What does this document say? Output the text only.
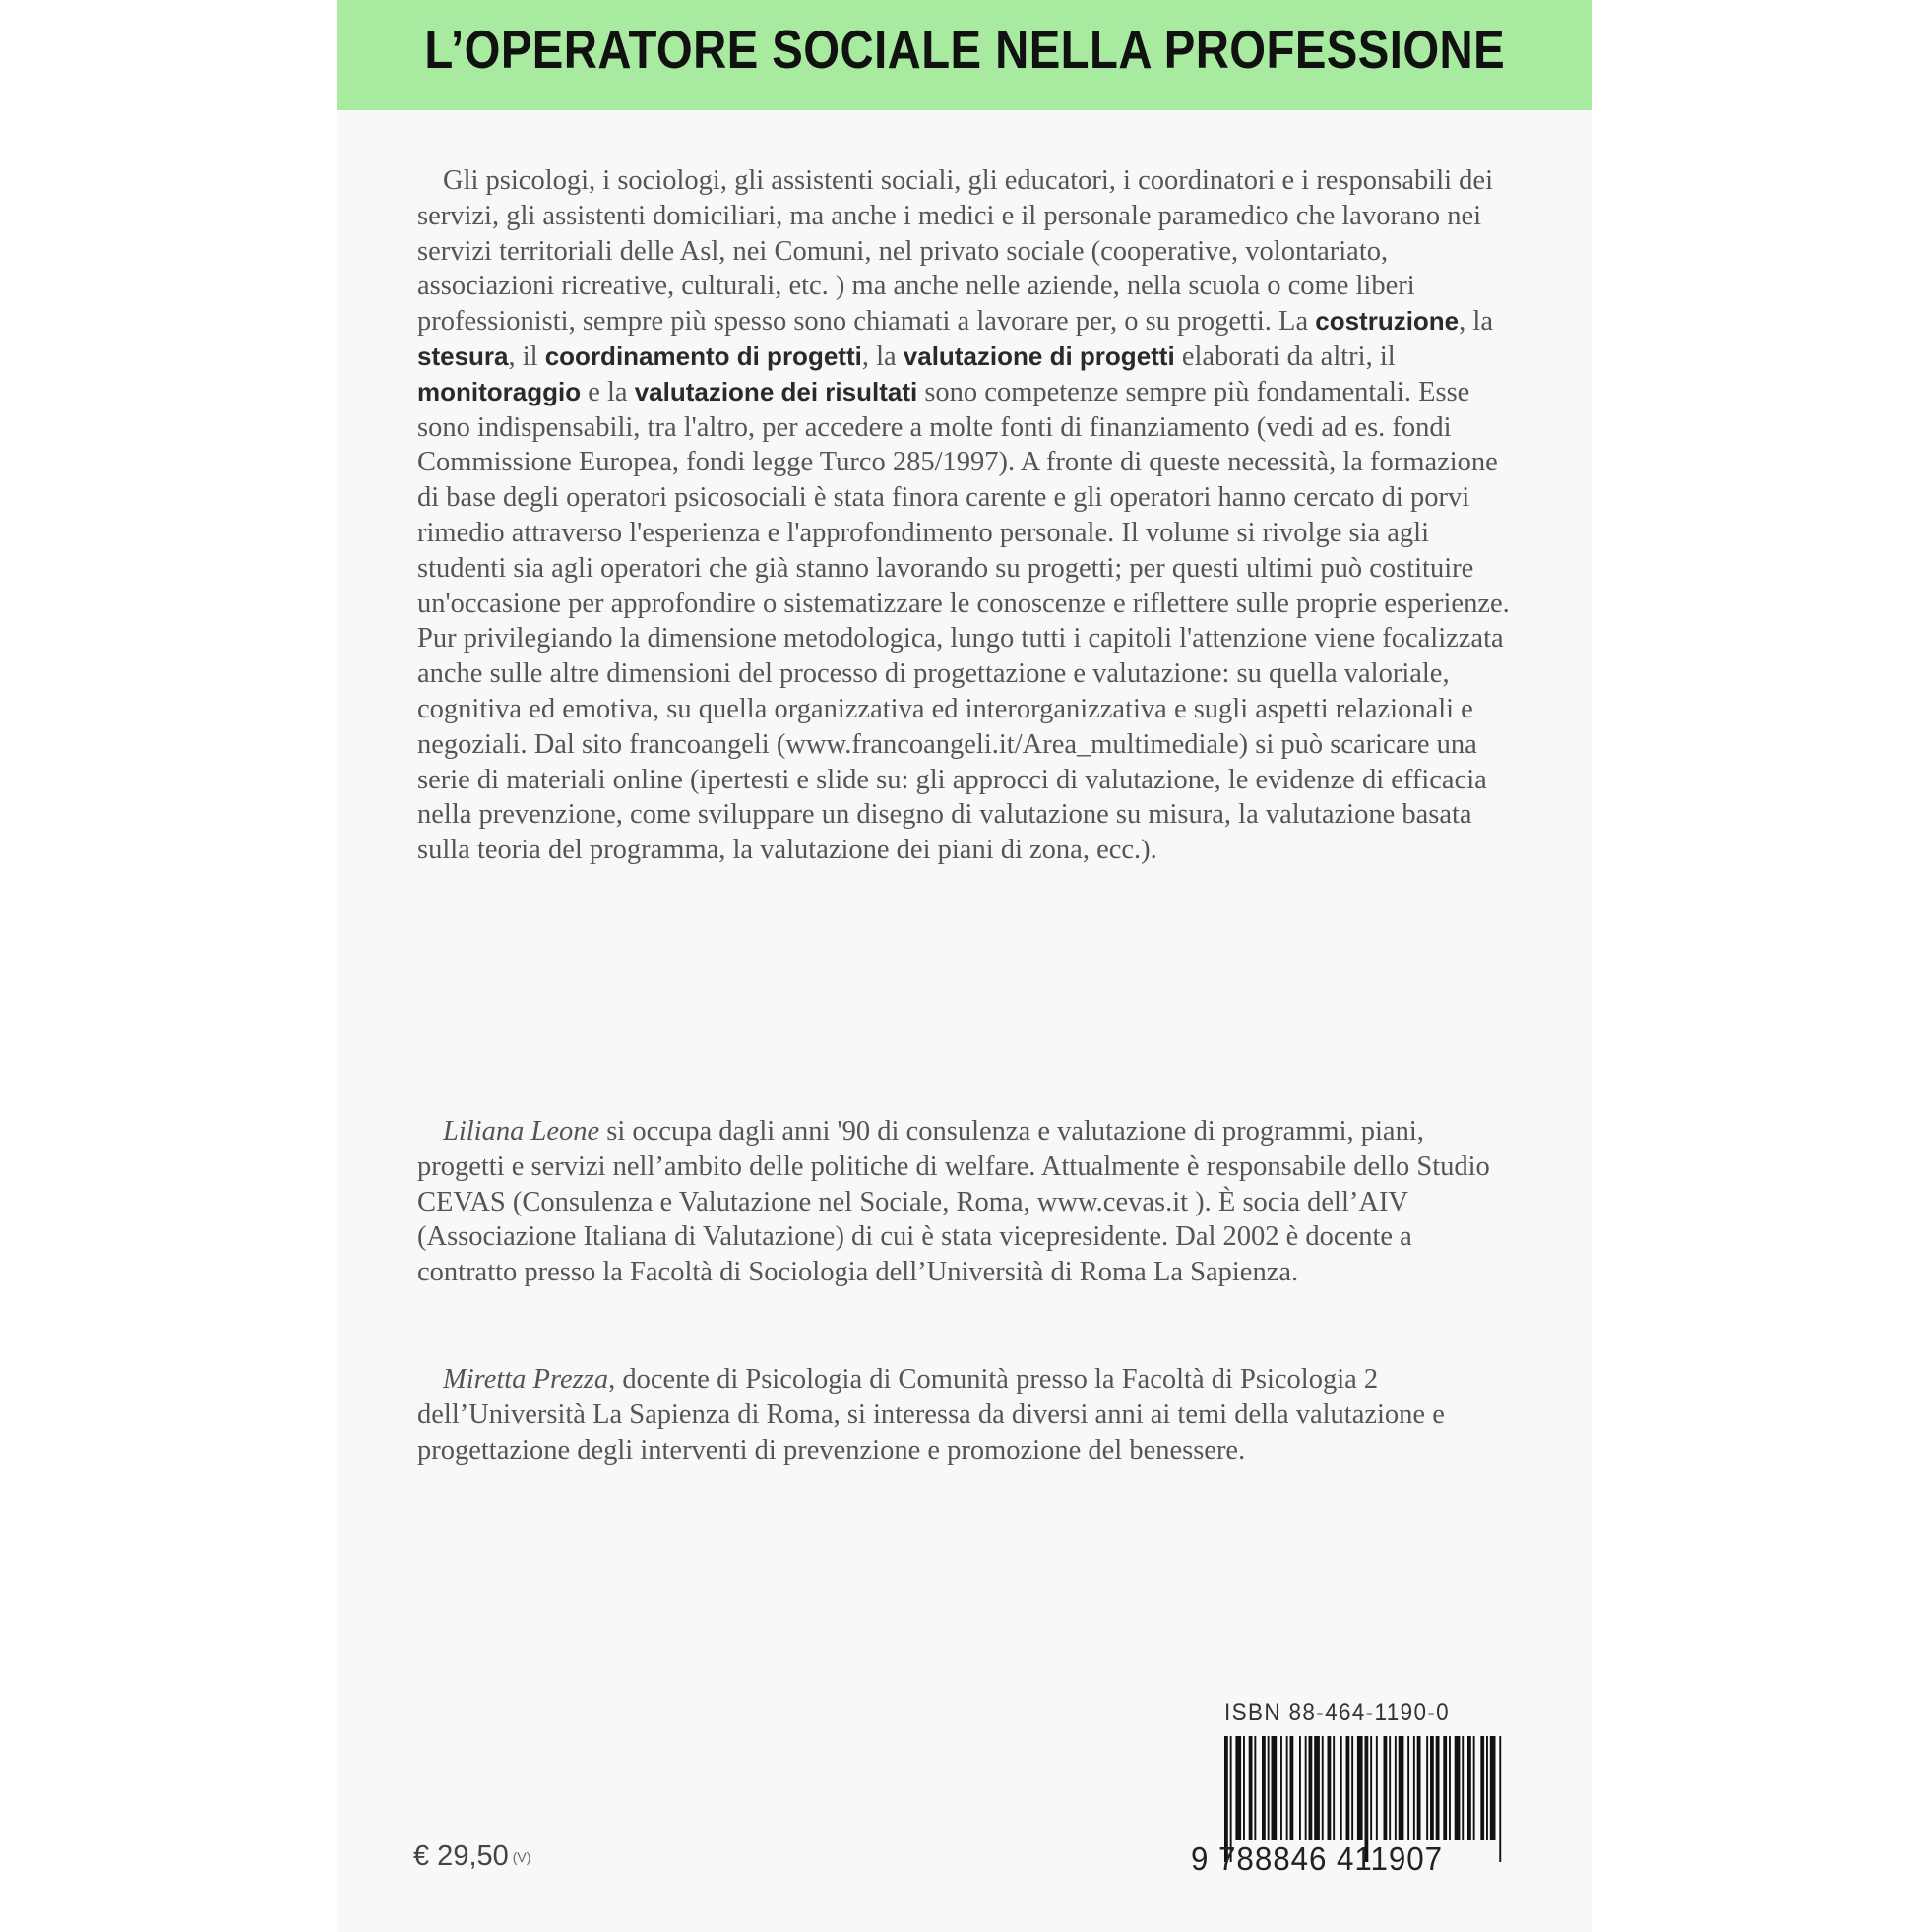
L’OPERATORE SOCIALE NELLA PROFESSIONE

Gli psicologi, i sociologi, gli assistenti sociali, gli educatori, i coordinatori e i responsabili dei servizi, gli assistenti domiciliari, ma anche i medici e il personale paramedico che lavorano nei servizi territoriali delle Asl, nei Comuni, nel privato sociale (cooperative, volontariato, associazioni ricreative, culturali, etc. ) ma anche nelle aziende, nella scuola o come liberi professionisti, sempre più spesso sono chiamati a lavorare per, o su progetti. La costruzione, la stesura, il coordinamento di progetti, la valutazione di progetti elaborati da altri, il monitoraggio e la valutazione dei risultati sono competenze sempre più fondamentali. Esse sono indispensabili, tra l'altro, per accedere a molte fonti di finanziamento (vedi ad es. fondi Commissione Europea, fondi legge Turco 285/1997). A fronte di queste necessità, la formazione di base degli operatori psicosociali è stata finora carente e gli operatori hanno cercato di porvi rimedio attraverso l'esperienza e l'approfondimento personale. Il volume si rivolge sia agli studenti sia agli operatori che già stanno lavorando su progetti; per questi ultimi può costituire un'occasione per approfondire o sistematizzare le conoscenze e riflettere sulle proprie esperienze. Pur privilegiando la dimensione metodologica, lungo tutti i capitoli l'attenzione viene focalizzata anche sulle altre dimensioni del processo di progettazione e valutazione: su quella valoriale, cognitiva ed emotiva, su quella organizzativa ed interorganizzativa e sugli aspetti relazionali e negoziali. Dal sito francoangeli (www.francoangeli.it/Area_multimediale) si può scaricare una serie di materiali online (ipertesti e slide su: gli approcci di valutazione, le evidenze di efficacia nella prevenzione, come sviluppare un disegno di valutazione su misura, la valutazione basata sulla teoria del programma, la valutazione dei piani di zona, ecc.).

Liliana Leone si occupa dagli anni '90 di consulenza e valutazione di programmi, piani, progetti e servizi nell’ambito delle politiche di welfare. Attualmente è responsabile dello Studio CEVAS (Consulenza e Valutazione nel Sociale, Roma, www.cevas.it ). È socia dell’AIV (Associazione Italiana di Valutazione) di cui è stata vicepresidente. Dal 2002 è docente a contratto presso la Facoltà di Sociologia dell’Università di Roma La Sapienza.

Miretta Prezza, docente di Psicologia di Comunità presso la Facoltà di Psicologia 2 dell’Università La Sapienza di Roma, si interessa da diversi anni ai temi della valutazione e progettazione degli interventi di prevenzione e promozione del benessere.

ISBN 88-464-1190-0
9 788846 411907
€ 29,50 (V)
